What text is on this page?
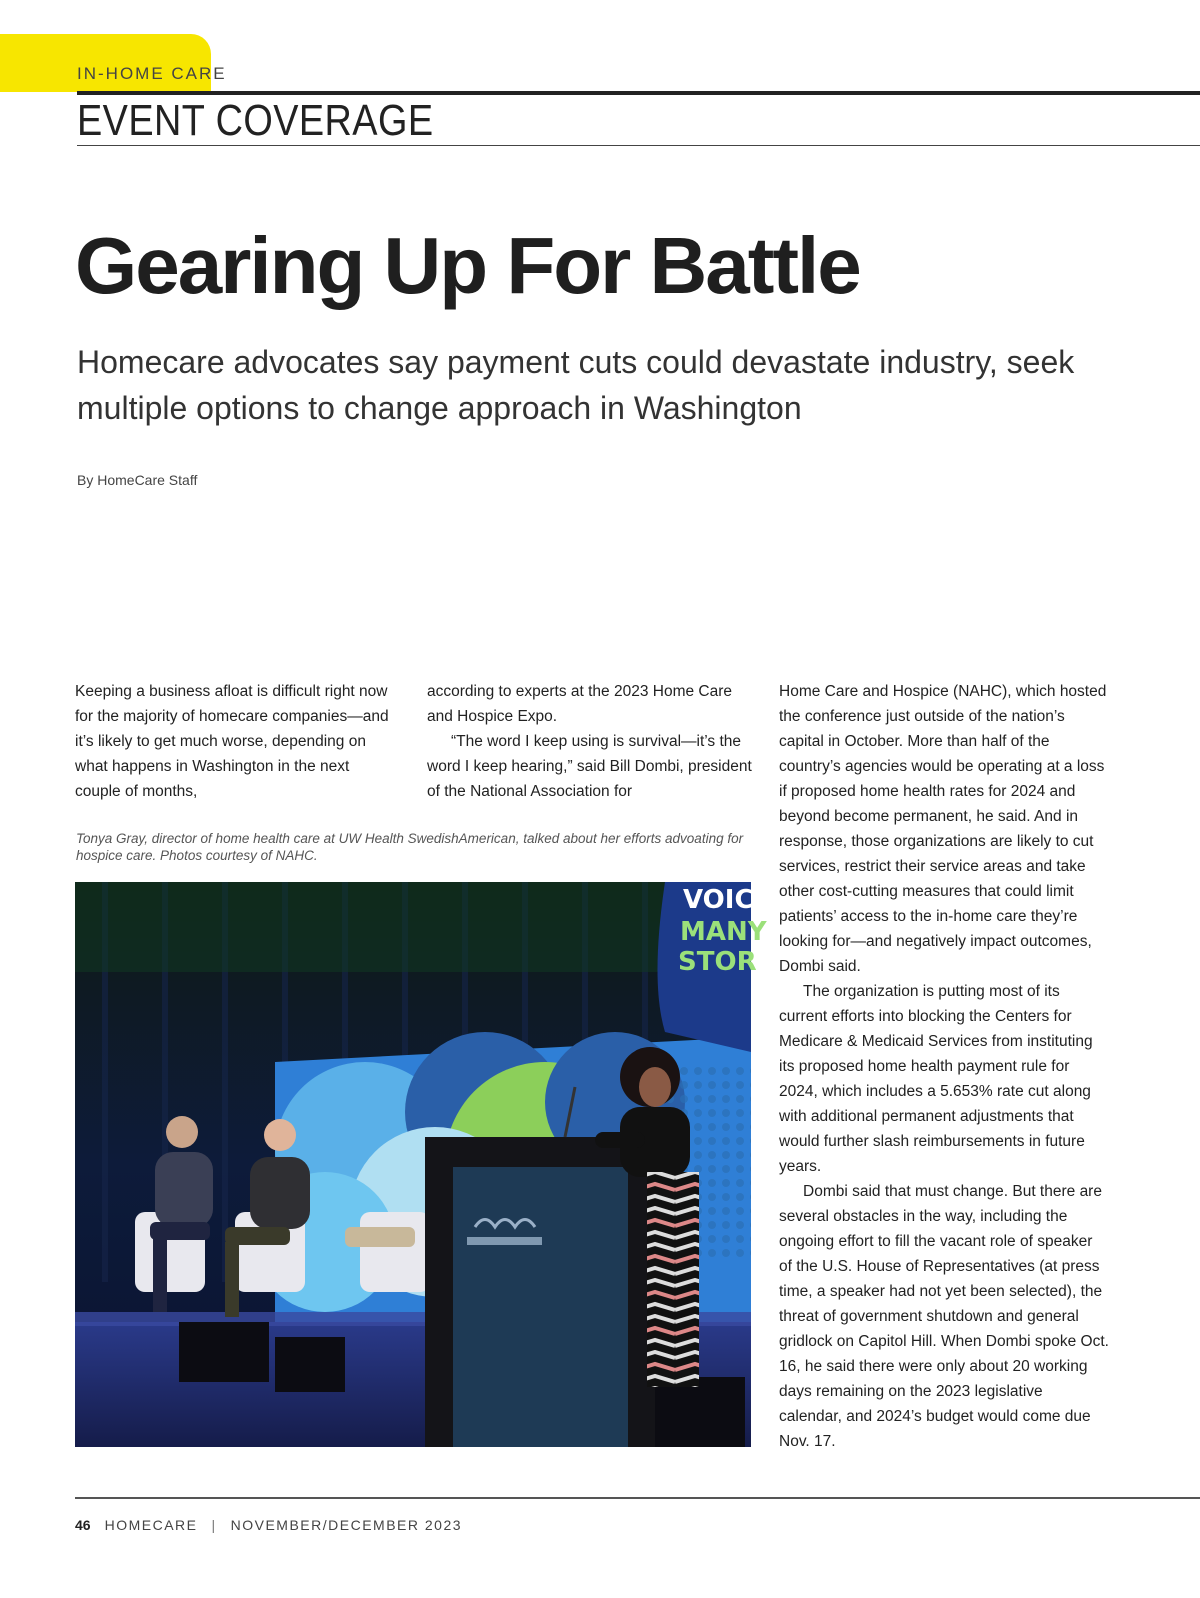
IN-HOME CARE
EVENT COVERAGE
Gearing Up For Battle
Homecare advocates say payment cuts could devastate industry, seek multiple options to change approach in Washington
By HomeCare Staff

Keeping a business afloat is difficult right now for the majority of homecare companies—and it’s likely to get much worse, depending on what happens in Washington in the next couple of months,

according to experts at the 2023 Home Care and Hospice Expo.

“The word I keep using is survival—it’s the word I keep hearing,” said Bill Dombi, president of the National Association for

Home Care and Hospice (NAHC), which hosted the conference just outside of the nation’s capital in October. More than half of the country’s agencies would be operating at a loss if proposed home health rates for 2024 and beyond become permanent, he said. And in response, those organizations are likely to cut services, restrict their service areas and take other cost-cutting measures that could limit patients’ access to the in-home care they’re looking for—and negatively impact outcomes, Dombi said.

The organization is putting most of its current efforts into blocking the Centers for Medicare & Medicaid Services from instituting its proposed home health payment rule for 2024, which includes a 5.653% rate cut along with additional permanent adjustments that would further slash reimbursements in future years.

Dombi said that must change. But there are several obstacles in the way, including the ongoing effort to fill the vacant role of speaker of the U.S. House of Representatives (at press time, a speaker had not yet been selected), the threat of government shutdown and general gridlock on Capitol Hill. When Dombi spoke Oct. 16, he said there were only about 20 working days remaining on the 2023 legislative calendar, and 2024’s budget would come due Nov. 17.

Tonya Gray, director of home health care at UW Health SwedishAmerican, talked about her efforts advoating for hospice care. Photos courtesy of NAHC.
VOIC
MANY
STOR
46 HOMECARE | NOVEMBER/DECEMBER 2023
